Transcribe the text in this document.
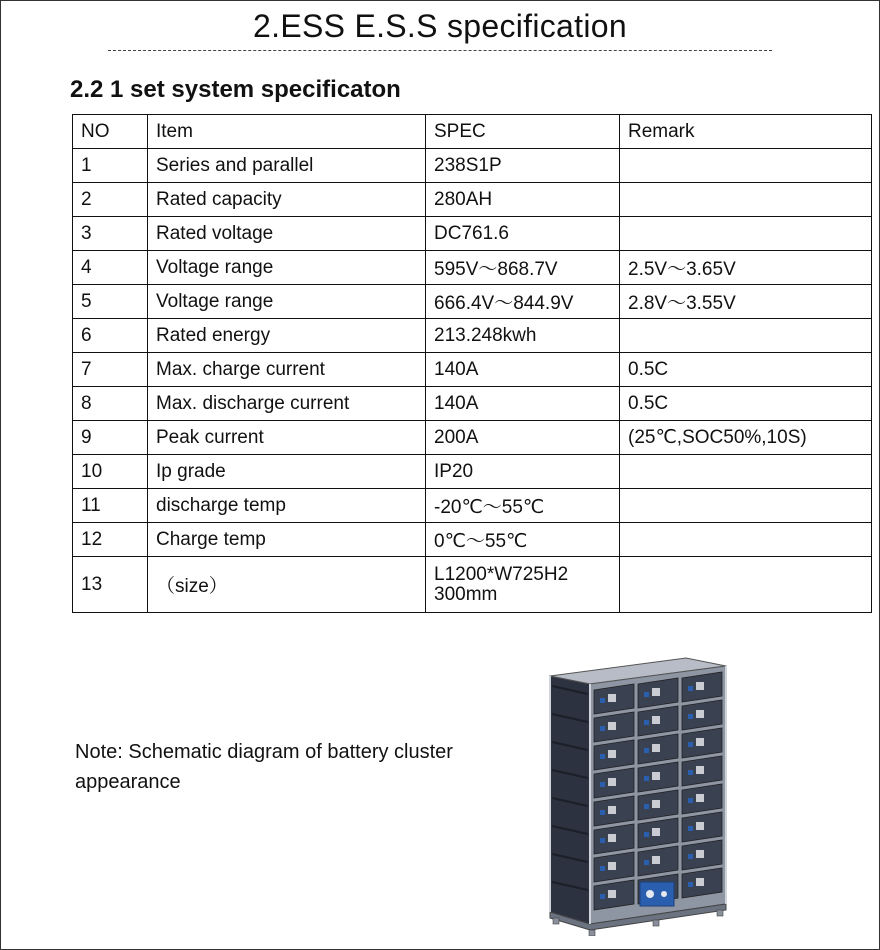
2.ESS E.S.S specification
2.2 1 set system specificaton
NO	Item	SPEC	Remark
1	Series and parallel	238S1P	
2	Rated capacity	280AH	
3	Rated voltage	DC761.6	
4	Voltage range	595V～868.7V	2.5V～3.65V
5	Voltage range	666.4V～844.9V	2.8V～3.55V
6	Rated energy	213.248kwh	
7	Max. charge current	140A	0.5C
8	Max. discharge current	140A	0.5C
9	Peak current	200A	(25℃,SOC50%,10S)
10	Ip grade	IP20	
11	discharge temp	-20℃～55℃	
12	Charge temp	0℃～55℃	
13	（size）	L1200*W725H2 300mm	

Note: Schematic diagram of battery cluster appearance
